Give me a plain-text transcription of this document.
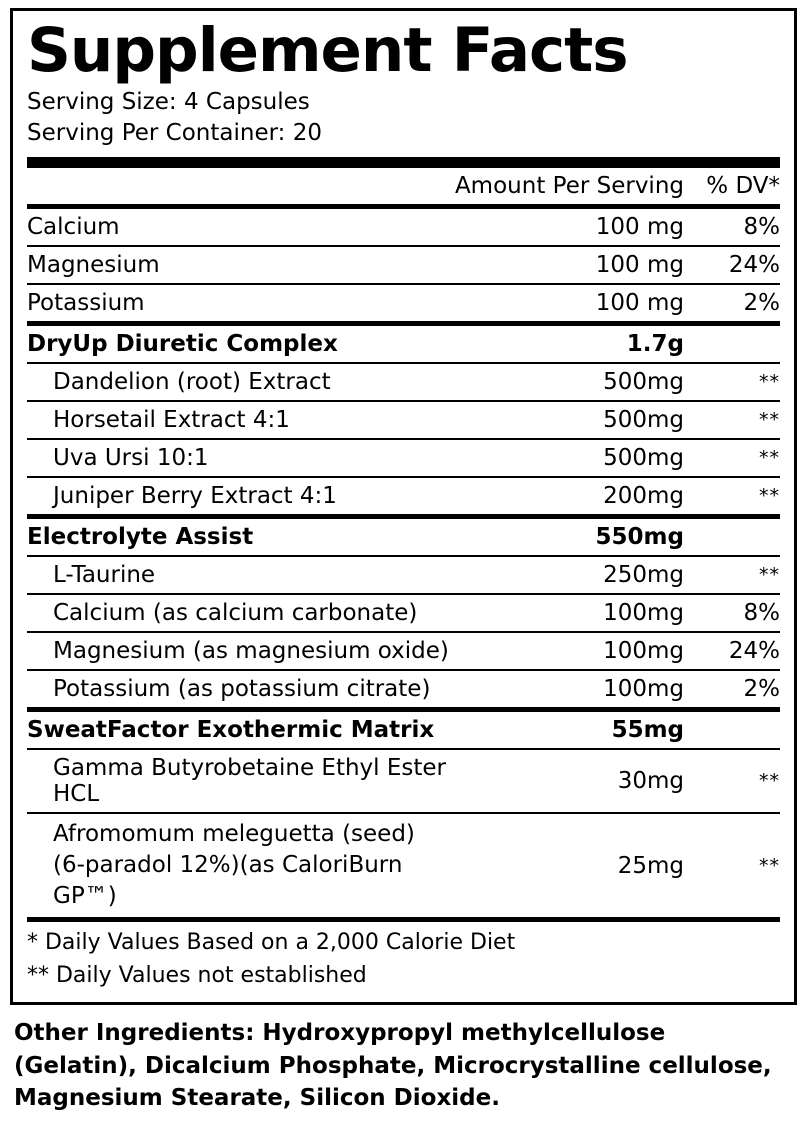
Supplement Facts
Serving Size: 4 Capsules
Serving Per Container: 20
	Amount Per Serving	% DV*
Calcium	100 mg	8%
Magnesium	100 mg	24%
Potassium	100 mg	2%
DryUp Diuretic Complex	1.7g	
Dandelion (root) Extract	500mg	**
Horsetail Extract 4:1	500mg	**
Uva Ursi 10:1	500mg	**
Juniper Berry Extract 4:1	200mg	**
Electrolyte Assist	550mg	
L-Taurine	250mg	**
Calcium (as calcium carbonate)	100mg	8%
Magnesium (as magnesium oxide)	100mg	24%
Potassium (as potassium citrate)	100mg	2%
SweatFactor Exothermic Matrix	55mg	
Gamma Butyrobetaine Ethyl Ester HCL	30mg	**

Afromomum meleguetta (seed)
(6-paradol 12%)(as CaloriBurn GP™)	25mg	**
* Daily Values Based on a 2,000 Calorie Diet
** Daily Values not established
Other Ingredients: Hydroxypropyl methylcellulose (Gelatin), Dicalcium Phosphate, Microcrystalline cellulose, Magnesium Stearate, Silicon Dioxide.
